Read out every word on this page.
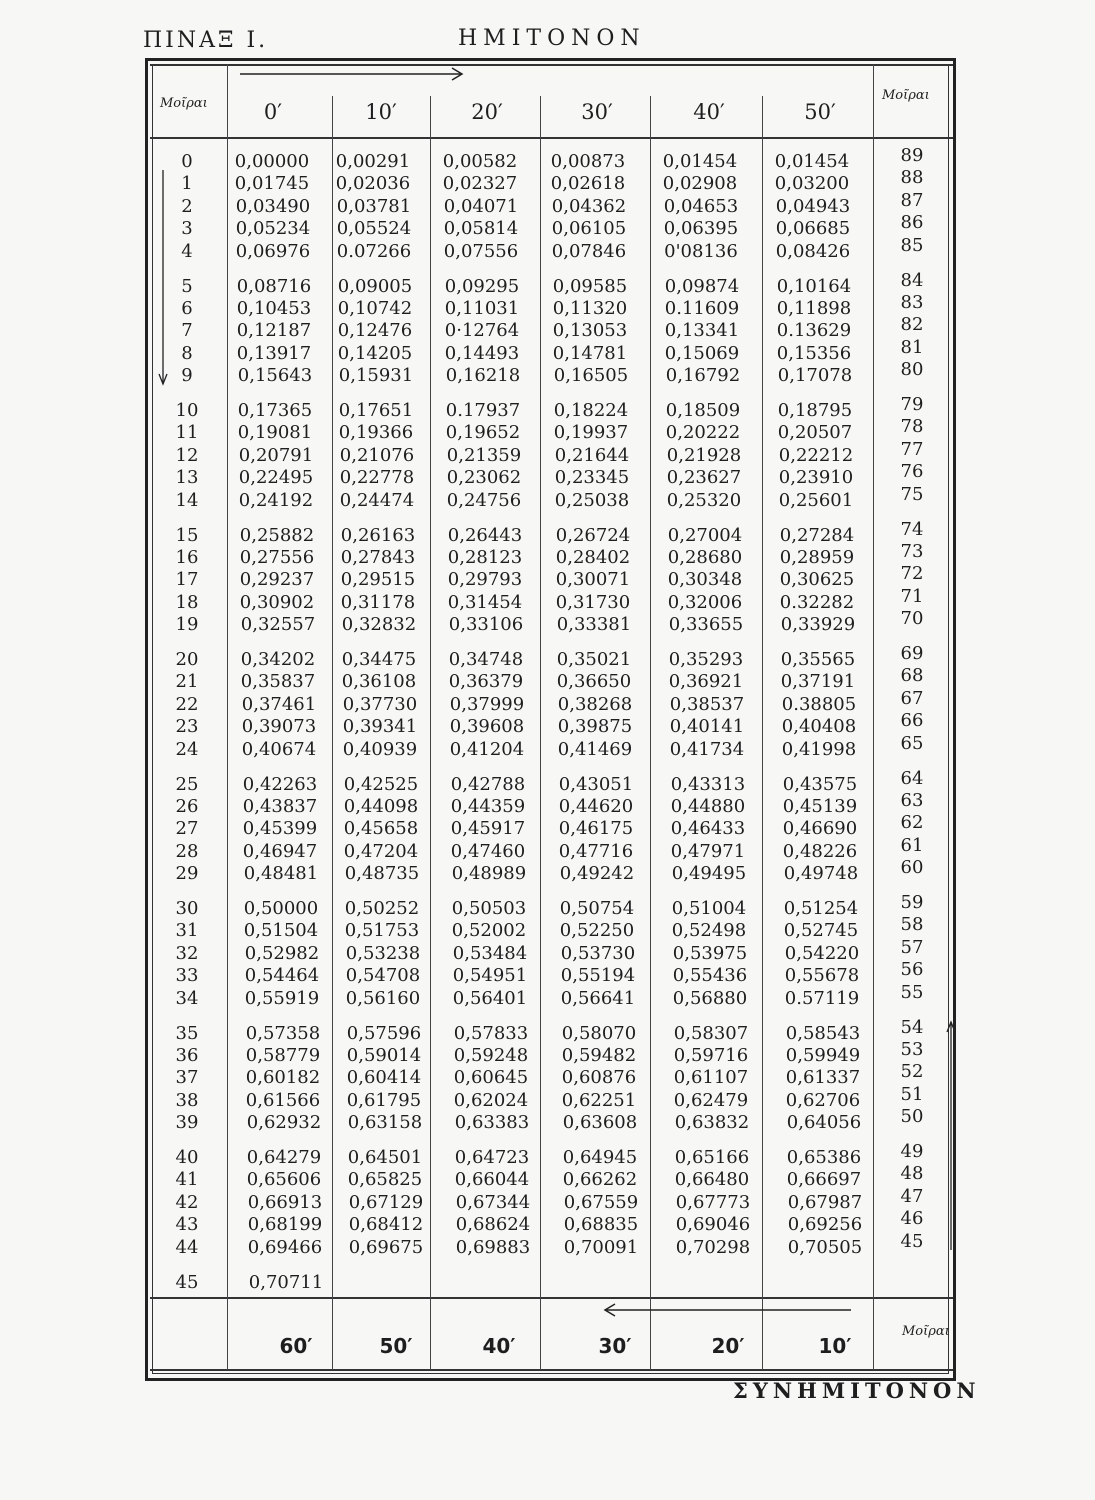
ΠΙΝΑΞ Ι.	ΗΜΙΤΟΝΟΝ
Μοῖραι
Μοῖραι
Μοῖραι
0′	10′	20′	30′	40′	50′
60′	50′	40′	30′	20′	10′
0	0,00000	0,00291	0,00582	0,00873	0,01454	0,01454	89
1	0,01745	0,02036	0,02327	0,02618	0,02908	0,03200	88
2	0,03490	0,03781	0,04071	0,04362	0,04653	0,04943	87
3	0,05234	0,05524	0,05814	0,06105	0,06395	0,06685	86
4	0,06976	0.07266	0,07556	0,07846	0'08136	0,08426	85
5	0,08716	0,09005	0,09295	0,09585	0,09874	0,10164	84
6	0,10453	0,10742	0,11031	0,11320	0.11609	0,11898	83
7	0,12187	0,12476	0·12764	0,13053	0,13341	0.13629	82
8	0,13917	0,14205	0,14493	0,14781	0,15069	0,15356	81
9	0,15643	0,15931	0,16218	0,16505	0,16792	0,17078	80
10	0,17365	0,17651	0.17937	0,18224	0,18509	0,18795	79
11	0,19081	0,19366	0,19652	0,19937	0,20222	0,20507	78
12	0,20791	0,21076	0,21359	0,21644	0,21928	0,22212	77
13	0,22495	0,22778	0,23062	0,23345	0,23627	0,23910	76
14	0,24192	0,24474	0,24756	0,25038	0,25320	0,25601	75
15	0,25882	0,26163	0,26443	0,26724	0,27004	0,27284	74
16	0,27556	0,27843	0,28123	0,28402	0,28680	0,28959	73
17	0,29237	0,29515	0,29793	0,30071	0,30348	0,30625	72
18	0,30902	0,31178	0,31454	0,31730	0,32006	0.32282	71
19	0,32557	0,32832	0,33106	0,33381	0,33655	0,33929	70
20	0,34202	0,34475	0,34748	0,35021	0,35293	0,35565	69
21	0,35837	0,36108	0,36379	0,36650	0,36921	0,37191	68
22	0,37461	0,37730	0,37999	0,38268	0,38537	0.38805	67
23	0,39073	0,39341	0,39608	0,39875	0,40141	0,40408	66
24	0,40674	0,40939	0,41204	0,41469	0,41734	0,41998	65
25	0,42263	0,42525	0,42788	0,43051	0,43313	0,43575	64
26	0,43837	0,44098	0,44359	0,44620	0,44880	0,45139	63
27	0,45399	0,45658	0,45917	0,46175	0,46433	0,46690	62
28	0,46947	0,47204	0,47460	0,47716	0,47971	0,48226	61
29	0,48481	0,48735	0,48989	0,49242	0,49495	0,49748	60
30	0,50000	0,50252	0,50503	0,50754	0,51004	0,51254	59
31	0,51504	0,51753	0,52002	0,52250	0,52498	0,52745	58
32	0,52982	0,53238	0,53484	0,53730	0,53975	0,54220	57
33	0,54464	0,54708	0,54951	0,55194	0,55436	0,55678	56
34	0,55919	0,56160	0,56401	0,56641	0,56880	0.57119	55
35	0,57358	0,57596	0,57833	0,58070	0,58307	0,58543	54
36	0,58779	0,59014	0,59248	0,59482	0,59716	0,59949	53
37	0,60182	0,60414	0,60645	0,60876	0,61107	0,61337	52
38	0,61566	0,61795	0,62024	0,62251	0,62479	0,62706	51
39	0,62932	0,63158	0,63383	0,63608	0,63832	0,64056	50
40	0,64279	0,64501	0,64723	0,64945	0,65166	0,65386	49
41	0,65606	0,65825	0,66044	0,66262	0,66480	0,66697	48
42	0,66913	0,67129	0,67344	0,67559	0,67773	0,67987	47
43	0,68199	0,68412	0,68624	0,68835	0,69046	0,69256	46
44	0,69466	0,69675	0,69883	0,70091	0,70298	0,70505	45
45	0,70711
ΣΥΝΗΜΙΤΟΝΟΝ
